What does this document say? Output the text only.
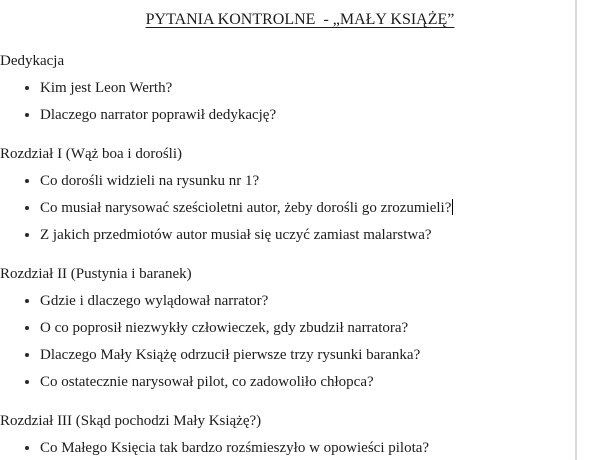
PYTANIA KONTROLNE  - „MAŁY KSIĄŻĘ”
Dedykacja
Kim jest Leon Werth?
Dlaczego narrator poprawił dedykację?
Rozdział I (Wąż boa i dorośli)
Co dorośli widzieli na rysunku nr 1?
Co musiał narysować sześcioletni autor, żeby dorośli go zrozumieli?
Z jakich przedmiotów autor musiał się uczyć zamiast malarstwa?
Rozdział II (Pustynia i baranek)
Gdzie i dlaczego wylądował narrator?
O co poprosił niezwykły człowieczek, gdy zbudził narratora?
Dlaczego Mały Książę odrzucił pierwsze trzy rysunki baranka?
Co ostatecznie narysował pilot, co zadowoliło chłopca?
Rozdział III (Skąd pochodzi Mały Książę?)
Co Małego Księcia tak bardzo rozśmieszyło w opowieści pilota?
